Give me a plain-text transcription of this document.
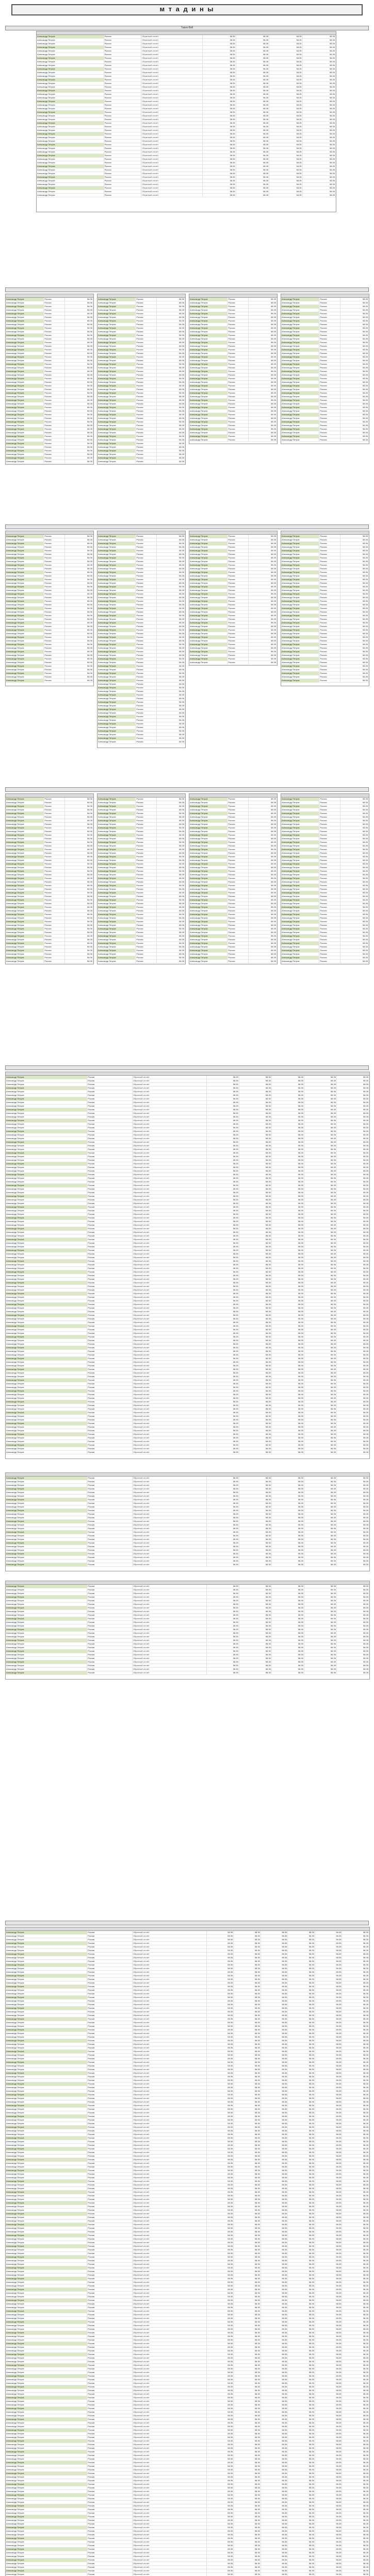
м т а д и н ы
Tавно Bell
Александр Петров	Россия	Обратный отсчёт	58.35	58.35	58.35	58.35
Александр Петров	Россия	Обратный отсчёт	58.35	58.35	58.35	58.35
Александр Петров	Россия	Обратный отсчёт	58.35	58.35	58.35	58.35
Александр Петров	Россия	Обратный отсчёт	58.35	58.35	58.35	58.35
Александр Петров	Россия	Обратный отсчёт	58.35	58.35	58.35	58.35
Александр Петров	Россия	Обратный отсчёт	58.35	58.35	58.35	58.35
Александр Петров	Россия	Обратный отсчёт	58.35	58.35	58.35	58.35
Александр Петров	Россия	Обратный отсчёт	58.35	58.35	58.35	58.35
Александр Петров	Россия	Обратный отсчёт	58.35	58.35	58.35	58.35
Александр Петров	Россия	Обратный отсчёт	58.35	58.35	58.35	58.35
Александр Петров	Россия	Обратный отсчёт	58.35	58.35	58.35	58.35
Александр Петров	Россия	Обратный отсчёт	58.35	58.35	58.35	58.35
Александр Петров	Россия	Обратный отсчёт	58.35	58.35	58.35	58.35
Александр Петров	Россия	Обратный отсчёт	58.35	58.35	58.35	58.35
Александр Петров	Россия	Обратный отсчёт	58.35	58.35	58.35	58.35
Александр Петров	Россия	Обратный отсчёт	58.35	58.35	58.35	58.35
Александр Петров	Россия	Обратный отсчёт	58.35	58.35	58.35	58.35
Александр Петров	Россия	Обратный отсчёт	58.35	58.35	58.35	58.35
Александр Петров	Россия	Обратный отсчёт	58.35	58.35	58.35	58.35
Александр Петров	Россия	Обратный отсчёт	58.35	58.35	58.35	58.35
Александр Петров	Россия	Обратный отсчёт	58.35	58.35	58.35	58.35
Александр Петров	Россия	Обратный отсчёт	58.35	58.35	58.35	58.35
Александр Петров	Россия	Обратный отсчёт	58.35	58.35	58.35	58.35
Александр Петров	Россия	Обратный отсчёт	58.35	58.35	58.35	58.35
Александр Петров	Россия	Обратный отсчёт	58.35	58.35	58.35	58.35
Александр Петров	Россия	Обратный отсчёт	58.35	58.35	58.35	58.35
Александр Петров	Россия	Обратный отсчёт	58.35	58.35	58.35	58.35
Александр Петров	Россия	Обратный отсчёт	58.35	58.35	58.35	58.35
Александр Петров	Россия	Обратный отсчёт	58.35	58.35	58.35	58.35
Александр Петров	Россия	Обратный отсчёт	58.35	58.35	58.35	58.35
Александр Петров	Россия	Обратный отсчёт	58.35	58.35	58.35	58.35
Александр Петров	Россия	Обратный отсчёт	58.35	58.35	58.35	58.35
Александр Петров	Россия	Обратный отсчёт	58.35	58.35	58.35	58.35
Александр Петров	Россия	Обратный отсчёт	58.35	58.35	58.35	58.35
Александр Петров	Россия	Обратный отсчёт	58.35	58.35	58.35	58.35
Александр Петров	Россия	Обратный отсчёт	58.35	58.35	58.35	58.35
Александр Петров	Россия	Обратный отсчёт	58.35	58.35	58.35	58.35
Александр Петров	Россия	Обратный отсчёт	58.35	58.35	58.35	58.35
Александр Петров	Россия	Обратный отсчёт	58.35	58.35	58.35	58.35
Александр Петров	Россия	Обратный отсчёт	58.35	58.35	58.35	58.35
Александр Петров	Россия	Обратный отсчёт	58.35	58.35	58.35	58.35
Александр Петров	Россия	Обратный отсчёт	58.35	58.35	58.35	58.35
Александр Петров	Россия	Обратный отсчёт	58.35	58.35	58.35	58.35
Александр Петров	Россия	Обратный отсчёт	58.35	58.35	58.35	58.35
Александр Петров	Россия	Обратный отсчёт	58.35	58.35	58.35	58.35
Александр Петров	Россия	58.35
Александр Петров	Россия	58.35
Александр Петров	Россия	58.35
Александр Петров	Россия	58.35
Александр Петров	Россия	58.35
Александр Петров	Россия	58.35
Александр Петров	Россия	58.35
Александр Петров	Россия	58.35
Александр Петров	Россия	58.35
Александр Петров	Россия	58.35
Александр Петров	Россия	58.35
Александр Петров	Россия	58.35
Александр Петров	Россия	58.35
Александр Петров	Россия	58.35
Александр Петров	Россия	58.35
Александр Петров	Россия	58.35
Александр Петров	Россия	58.35
Александр Петров	Россия	58.35
Александр Петров	Россия	58.35
Александр Петров	Россия	58.35
Александр Петров	Россия	58.35
Александр Петров	Россия	58.35
Александр Петров	Россия	58.35
Александр Петров	Россия	58.35
Александр Петров	Россия	58.35
Александр Петров	Россия	58.35
Александр Петров	Россия	58.35
Александр Петров	Россия	58.35
Александр Петров	Россия	58.35
Александр Петров	Россия	58.35
Александр Петров	Россия	58.35
Александр Петров	Россия	58.35
Александр Петров	Россия	58.35
Александр Петров	Россия	58.35
Александр Петров	Россия	58.35
Александр Петров	Россия	58.35
Александр Петров	Россия	58.35
Александр Петров	Россия	58.35
Александр Петров	Россия	58.35
Александр Петров	Россия	58.35
Александр Петров	Россия	58.35
Александр Петров	Россия	58.35
Александр Петров	Россия	58.35
Александр Петров	Россия	58.35
Александр Петров	Россия	58.35
Александр Петров	Россия	58.35
Александр Петров	Россия	58.35
Александр Петров	Россия	58.35
Александр Петров	Россия	58.35
Александр Петров	Россия	58.35
Александр Петров	Россия	58.35
Александр Петров	Россия	58.35
Александр Петров	Россия	58.35
Александр Петров	Россия	58.35
Александр Петров	Россия	58.35
Александр Петров	Россия	58.35
Александр Петров	Россия	58.35
Александр Петров	Россия	58.35
Александр Петров	Россия	58.35
Александр Петров	Россия	58.35
Александр Петров	Россия	58.35
Александр Петров	Россия	58.35
Александр Петров	Россия	58.35
Александр Петров	Россия	58.35
Александр Петров	Россия	58.35
Александр Петров	Россия	58.35
Александр Петров	Россия	58.35
Александр Петров	Россия	58.35
Александр Петров	Россия	58.35
Александр Петров	Россия	58.35
Александр Петров	Россия	58.35
Александр Петров	Россия	58.35
Александр Петров	Россия	58.35
Александр Петров	Россия	58.35
Александр Петров	Россия	58.35
Александр Петров	Россия	58.35
Александр Петров	Россия	58.35
Александр Петров	Россия	58.35
Александр Петров	Россия	58.35
Александр Петров	Россия	58.35
Александр Петров	Россия	58.35
Александр Петров	Россия	58.35
Александр Петров	Россия	58.35
Александр Петров	Россия	58.35
Александр Петров	Россия	58.35
Александр Петров	Россия	58.35
Александр Петров	Россия	58.35
Александр Петров	Россия	58.35
Александр Петров	Россия	58.35
Александр Петров	Россия	58.35
Александр Петров	Россия	58.35
Александр Петров	Россия	58.35
Александр Петров	Россия	58.35
Александр Петров	Россия	58.35
Александр Петров	Россия	58.35
Александр Петров	Россия	58.35
Александр Петров	Россия	58.35
Александр Петров	Россия	58.35
Александр Петров	Россия	58.35
Александр Петров	Россия	58.35
Александр Петров	Россия	58.35
Александр Петров	Россия	58.35
Александр Петров	Россия	58.35
Александр Петров	Россия	58.35
Александр Петров	Россия	58.35
Александр Петров	Россия	58.35
Александр Петров	Россия	58.35
Александр Петров	Россия	58.35
Александр Петров	Россия	58.35
Александр Петров	Россия	58.35
Александр Петров	Россия	58.35
Александр Петров	Россия	58.35
Александр Петров	Россия	58.35
Александр Петров	Россия	58.35
Александр Петров	Россия	58.35
Александр Петров	Россия	58.35
Александр Петров	Россия	58.35
Александр Петров	Россия	58.35
Александр Петров	Россия	58.35
Александр Петров	Россия	58.35
Александр Петров	Россия	58.35
Александр Петров	Россия	58.35
Александр Петров	Россия	58.35
Александр Петров	Россия	58.35
Александр Петров	Россия	58.35
Александр Петров	Россия	58.35
Александр Петров	Россия	58.35
Александр Петров	Россия	58.35
Александр Петров	Россия	58.35
Александр Петров	Россия	58.35
Александр Петров	Россия	58.35
Александр Петров	Россия	58.35
Александр Петров	Россия	58.35
Александр Петров	Россия	58.35
Александр Петров	Россия	58.35
Александр Петров	Россия	58.35
Александр Петров	Россия	58.35
Александр Петров	Россия	58.35
Александр Петров	Россия	58.35
Александр Петров	Россия	58.35
Александр Петров	Россия	58.35
Александр Петров	Россия	58.35
Александр Петров	Россия	58.35
Александр Петров	Россия	58.35
Александр Петров	Россия	58.35
Александр Петров	Россия	58.35
Александр Петров	Россия	58.35
Александр Петров	Россия	58.35
Александр Петров	Россия	58.35
Александр Петров	Россия	58.35
Александр Петров	Россия	58.35
Александр Петров	Россия	58.35
Александр Петров	Россия	58.35
Александр Петров	Россия	58.35
Александр Петров	Россия	58.35
Александр Петров	Россия	58.35
Александр Петров	Россия	58.35
Александр Петров	Россия	58.35
Александр Петров	Россия	58.35
Александр Петров	Россия	58.35
Александр Петров	Россия	58.35
Александр Петров	Россия	58.35
Александр Петров	Россия	58.35
Александр Петров	Россия	58.35
Александр Петров	Россия	58.35
Александр Петров	Россия	58.35
Александр Петров	Россия	58.35
Александр Петров	Россия	58.35
Александр Петров	Россия	58.35
Александр Петров	Россия	58.35
Александр Петров	Россия	58.35
Александр Петров	Россия	58.35
Александр Петров	Россия	58.35
Александр Петров	Россия	58.35
Александр Петров	Россия	58.35
Александр Петров	Россия	58.35
Александр Петров	Россия	58.35
Александр Петров	Россия	58.35
Александр Петров	Россия	58.35
Александр Петров	Россия	58.35
Александр Петров	Россия	58.35
Александр Петров	Россия	58.35
Александр Петров	Россия	58.35
Александр Петров	Россия	58.35
Александр Петров	Россия	58.35
Александр Петров	Россия	58.35
Александр Петров	Россия	58.35
Александр Петров	Россия	58.35
Александр Петров	Россия	58.35
Александр Петров	Россия	58.35
Александр Петров	Россия	58.35
Александр Петров	Россия	58.35
Александр Петров	Россия	58.35
Александр Петров	Россия	58.35
Александр Петров	Россия	58.35
Александр Петров	Россия	58.35
Александр Петров	Россия	58.35
Александр Петров	Россия	58.35
Александр Петров	Россия	58.35
Александр Петров	Россия	58.35
Александр Петров	Россия	58.35
Александр Петров	Россия	58.35
Александр Петров	Россия	58.35
Александр Петров	Россия	58.35
Александр Петров	Россия	58.35
Александр Петров	Россия	58.35
Александр Петров	Россия	58.35
Александр Петров	Россия	58.35
Александр Петров	Россия	58.35
Александр Петров	Россия	58.35
Александр Петров	Россия	58.35
Александр Петров	Россия	58.35
Александр Петров	Россия	58.35
Александр Петров	Россия	58.35
Александр Петров	Россия	58.35
Александр Петров	Россия	58.35
Александр Петров	Россия	58.35
Александр Петров	Россия	58.35
Александр Петров	Россия	58.35
Александр Петров	Россия	58.35
Александр Петров	Россия	58.35
Александр Петров	Россия	58.35
Александр Петров	Россия	58.35
Александр Петров	Россия	58.35
Александр Петров	Россия	58.35
Александр Петров	Россия	58.35
Александр Петров	Россия	58.35
Александр Петров	Россия	58.35
Александр Петров	Россия	58.35
Александр Петров	Россия	58.35
Александр Петров	Россия	58.35
Александр Петров	Россия	58.35
Александр Петров	Россия	58.35
Александр Петров	Россия	58.35
Александр Петров	Россия	58.35
Александр Петров	Россия	58.35
Александр Петров	Россия	58.35
Александр Петров	Россия	58.35
Александр Петров	Россия	58.35
Александр Петров	Россия	58.35
Александр Петров	Россия	58.35
Александр Петров	Россия	58.35
Александр Петров	Россия	58.35
Александр Петров	Россия	58.35
Александр Петров	Россия	58.35
Александр Петров	Россия	58.35
Александр Петров	Россия	58.35
Александр Петров	Россия	58.35
Александр Петров	Россия	58.35
Александр Петров	Россия	58.35
Александр Петров	Россия	58.35
Александр Петров	Россия	58.35
Александр Петров	Россия	58.35
Александр Петров	Россия	58.35
Александр Петров	Россия	58.35
Александр Петров	Россия	58.35
Александр Петров	Россия	58.35
Александр Петров	Россия	58.35
Александр Петров	Россия	58.35
Александр Петров	Россия	58.35
Александр Петров	Россия	58.35
Александр Петров	Россия	58.35
Александр Петров	Россия	58.35
Александр Петров	Россия	58.35
Александр Петров	Россия	58.35
Александр Петров	Россия	58.35
Александр Петров	Россия	58.35
Александр Петров	Россия	58.35
Александр Петров	Россия	58.35
Александр Петров	Россия	58.35
Александр Петров	Россия	58.35
Александр Петров	Россия	58.35
Александр Петров	Россия	58.35
Александр Петров	Россия	58.35
Александр Петров	Россия	58.35
Александр Петров	Россия	58.35
Александр Петров	Россия	58.35
Александр Петров	Россия	58.35
Александр Петров	Россия	58.35
Александр Петров	Россия	58.35
Александр Петров	Россия	58.35
Александр Петров	Россия	58.35
Александр Петров	Россия	58.35
Александр Петров	Россия	58.35
Александр Петров	Россия	58.35
Александр Петров	Россия	58.35
Александр Петров	Россия	58.35
Александр Петров	Россия	58.35
Александр Петров	Россия	58.35
Александр Петров	Россия	58.35
Александр Петров	Россия	58.35
Александр Петров	Россия	58.35
Александр Петров	Россия	58.35
Александр Петров	Россия	58.35
Александр Петров	Россия	58.35
Александр Петров	Россия	58.35
Александр Петров	Россия	58.35
Александр Петров	Россия	58.35
Александр Петров	Россия	58.35
Александр Петров	Россия	58.35
Александр Петров	Россия	58.35
Александр Петров	Россия	58.35
Александр Петров	Россия	58.35
Александр Петров	Россия	58.35
Александр Петров	Россия	58.35
Александр Петров	Россия	58.35
Александр Петров	Россия	58.35
Александр Петров	Россия	58.35
Александр Петров	Россия	58.35
Александр Петров	Россия	58.35
Александр Петров	Россия	58.35
Александр Петров	Россия	58.35
Александр Петров	Россия	58.35
Александр Петров	Россия	58.35
Александр Петров	Россия	58.35
Александр Петров	Россия	58.35
Александр Петров	Россия	58.35
Александр Петров	Россия	58.35
Александр Петров	Россия	58.35
Александр Петров	Россия	58.35
Александр Петров	Россия	58.35
Александр Петров	Россия	58.35
Александр Петров	Россия	58.35
Александр Петров	Россия	58.35
Александр Петров	Россия	58.35
Александр Петров	Россия	58.35
Александр Петров	Россия	58.35
Александр Петров	Россия	58.35
Александр Петров	Россия	58.35
Александр Петров	Россия	58.35
Александр Петров	Россия	58.35
Александр Петров	Россия	58.35
Александр Петров	Россия	58.35
Александр Петров	Россия	58.35
Александр Петров	Россия	58.35
Александр Петров	Россия	58.35
Александр Петров	Россия	58.35
Александр Петров	Россия	58.35
Александр Петров	Россия	58.35
Александр Петров	Россия	58.35
Александр Петров	Россия	58.35
Александр Петров	Россия	58.35
Александр Петров	Россия	58.35
Александр Петров	Россия	58.35
Александр Петров	Россия	58.35
Александр Петров	Россия	58.35
Александр Петров	Россия	58.35
Александр Петров	Россия	58.35
Александр Петров	Россия	58.35
Александр Петров	Россия	58.35
Александр Петров	Россия	58.35
Александр Петров	Россия	58.35
Александр Петров	Россия	58.35
Александр Петров	Россия	58.35
Александр Петров	Россия	58.35
Александр Петров	Россия	58.35
Александр Петров	Россия	58.35
Александр Петров	Россия	58.35
Александр Петров	Россия	58.35
Александр Петров	Россия	58.35
Александр Петров	Россия	58.35
Александр Петров	Россия	58.35
Александр Петров	Россия	58.35
Александр Петров	Россия	58.35
Александр Петров	Россия	58.35
Александр Петров	Россия	58.35
Александр Петров	Россия	58.35
Александр Петров	Россия	58.35
Александр Петров	Россия	58.35
Александр Петров	Россия	58.35
Александр Петров	Россия	58.35
Александр Петров	Россия	58.35
Александр Петров	Россия	58.35
Александр Петров	Россия	58.35
Александр Петров	Россия	58.35
Александр Петров	Россия	58.35
Александр Петров	Россия	58.35
Александр Петров	Россия	58.35
Александр Петров	Россия	58.35
Александр Петров	Россия	58.35
Александр Петров	Россия	58.35
Александр Петров	Россия	58.35
Александр Петров	Россия	58.35
Александр Петров	Россия	58.35
Александр Петров	Россия	58.35
Александр Петров	Россия	58.35
Александр Петров	Россия	58.35
Александр Петров	Россия	58.35
Александр Петров	Россия	58.35
Александр Петров	Россия	58.35
Александр Петров	Россия	58.35
Александр Петров	Россия	58.35
Александр Петров	Россия	58.35
Александр Петров	Россия	58.35
Александр Петров	Россия	58.35
Александр Петров	Россия	58.35
Александр Петров	Россия	58.35
Александр Петров	Россия	58.35
Александр Петров	Россия	58.35
Александр Петров	Россия	58.35
Александр Петров	Россия	58.35
Александр Петров	Россия	58.35
Александр Петров	Россия	58.35
Александр Петров	Россия	58.35
Александр Петров	Россия	58.35
Александр Петров	Россия	58.35
Александр Петров	Россия	58.35
Александр Петров	Россия	58.35
Александр Петров	Россия	58.35
Александр Петров	Россия	58.35
Александр Петров	Россия	58.35
Александр Петров	Россия	58.35
Александр Петров	Россия	58.35
Александр Петров	Россия	58.35
Александр Петров	Россия	58.35
Александр Петров	Россия	58.35
Александр Петров	Россия	58.35
Александр Петров	Россия	58.35
Александр Петров	Россия	58.35
Александр Петров	Россия	58.35
Александр Петров	Россия	58.35
Александр Петров	Россия	58.35
Александр Петров	Россия	58.35
Александр Петров	Россия	58.35
Александр Петров	Россия	58.35
Александр Петров	Россия	58.35
Александр Петров	Россия	58.35
Александр Петров	Россия	58.35
Александр Петров	Россия	58.35
Александр Петров	Россия	58.35
Александр Петров	Россия	58.35
Александр Петров	Россия	58.35
Александр Петров	Россия	58.35
Александр Петров	Россия	58.35
Александр Петров	Россия	58.35
Александр Петров	Россия	58.35
Александр Петров	Россия	58.35
Александр Петров	Россия	58.35
Александр Петров	Россия	58.35
Александр Петров	Россия	58.35
Александр Петров	Россия	58.35
Александр Петров	Россия	58.35
Александр Петров	Россия	58.35
Александр Петров	Россия	58.35
Александр Петров	Россия	58.35
Александр Петров	Россия	58.35
Александр Петров	Россия	58.35
Александр Петров	Россия	58.35
Александр Петров	Россия	58.35
Александр Петров	Россия	58.35
Александр Петров	Россия	58.35
Александр Петров	Россия	58.35
Александр Петров	Россия	58.35
Александр Петров	Россия	58.35
Александр Петров	Россия	58.35
Александр Петров	Россия	58.35
Александр Петров	Россия	58.35
Александр Петров	Россия	58.35
Александр Петров	Россия	58.35
Александр Петров	Россия	58.35
Александр Петров	Россия	58.35
Александр Петров	Россия	58.35
Александр Петров	Россия	58.35
Александр Петров	Россия	58.35
Александр Петров	Россия	58.35
Александр Петров	Россия	58.35
Александр Петров	Россия	58.35
Александр Петров	Россия	58.35
Александр Петров	Россия	58.35
Александр Петров	Россия	58.35
Александр Петров	Россия	58.35
Александр Петров	Россия	58.35
Александр Петров	Россия	58.35
Александр Петров	Россия	58.35
Александр Петров	Россия	58.35
Александр Петров	Россия	58.35
Александр Петров	Россия	58.35
Александр Петров	Россия	58.35
Александр Петров	Россия	58.35
Александр Петров	Россия	58.35
Александр Петров	Россия	58.35
Александр Петров	Россия	58.35
Александр Петров	Россия	58.35
Александр Петров	Россия	58.35
Александр Петров	Россия	58.35
Александр Петров	Россия	58.35
Александр Петров	Россия	58.35
Александр Петров	Россия	58.35
Александр Петров	Россия	58.35
Александр Петров	Россия	58.35
Александр Петров	Россия	58.35
Александр Петров	Россия	58.35
Александр Петров	Россия	58.35
Александр Петров	Россия	58.35
Александр Петров	Россия	58.35
Александр Петров	Россия	58.35
Александр Петров	Россия	58.35
Александр Петров	Россия	58.35
Александр Петров	Россия	58.35
Александр Петров	Россия	58.35
Александр Петров	Россия	58.35
Александр Петров	Россия	58.35
Александр Петров	Россия	58.35
Александр Петров	Россия	58.35
Александр Петров	Россия	58.35
Александр Петров	Россия	58.35
Александр Петров	Россия	58.35
Александр Петров	Россия	58.35
Александр Петров	Россия	58.35
Александр Петров	Россия	58.35
Александр Петров	Россия	58.35
Александр Петров	Россия	58.35
Александр Петров	Россия	58.35
Александр Петров	Россия	58.35
Александр Петров	Россия	58.35
Александр Петров	Россия	58.35
Александр Петров	Россия	58.35
Александр Петров	Россия	58.35
Александр Петров	Россия	58.35
Александр Петров	Россия	58.35
Александр Петров	Россия	58.35
Александр Петров	Россия	58.35
Александр Петров	Россия	58.35
Александр Петров	Россия	58.35
Александр Петров	Россия	58.35
Александр Петров	Россия	58.35
Александр Петров	Россия	58.35
Александр Петров	Россия	58.35
Александр Петров	Россия	58.35
Александр Петров	Россия	58.35
Александр Петров	Россия	58.35
Александр Петров	Россия	58.35
Александр Петров	Россия	Обратный отсчёт	58.35	58.35	58.35	58.35	58.35
Александр Петров	Россия	Обратный отсчёт	58.35	58.35	58.35	58.35	58.35
Александр Петров	Россия	Обратный отсчёт	58.35	58.35	58.35	58.35	58.35
Александр Петров	Россия	Обратный отсчёт	58.35	58.35	58.35	58.35	58.35
Александр Петров	Россия	Обратный отсчёт	58.35	58.35	58.35	58.35	58.35
Александр Петров	Россия	Обратный отсчёт	58.35	58.35	58.35	58.35	58.35
Александр Петров	Россия	Обратный отсчёт	58.35	58.35	58.35	58.35	58.35
Александр Петров	Россия	Обратный отсчёт	58.35	58.35	58.35	58.35	58.35
Александр Петров	Россия	Обратный отсчёт	58.35	58.35	58.35	58.35	58.35
Александр Петров	Россия	Обратный отсчёт	58.35	58.35	58.35	58.35	58.35
Александр Петров	Россия	Обратный отсчёт	58.35	58.35	58.35	58.35	58.35
Александр Петров	Россия	Обратный отсчёт	58.35	58.35	58.35	58.35	58.35
Александр Петров	Россия	Обратный отсчёт	58.35	58.35	58.35	58.35	58.35
Александр Петров	Россия	Обратный отсчёт	58.35	58.35	58.35	58.35	58.35
Александр Петров	Россия	Обратный отсчёт	58.35	58.35	58.35	58.35	58.35
Александр Петров	Россия	Обратный отсчёт	58.35	58.35	58.35	58.35	58.35
Александр Петров	Россия	Обратный отсчёт	58.35	58.35	58.35	58.35	58.35
Александр Петров	Россия	Обратный отсчёт	58.35	58.35	58.35	58.35	58.35
Александр Петров	Россия	Обратный отсчёт	58.35	58.35	58.35	58.35	58.35
Александр Петров	Россия	Обратный отсчёт	58.35	58.35	58.35	58.35	58.35
Александр Петров	Россия	Обратный отсчёт	58.35	58.35	58.35	58.35	58.35
Александр Петров	Россия	Обратный отсчёт	58.35	58.35	58.35	58.35	58.35
Александр Петров	Россия	Обратный отсчёт	58.35	58.35	58.35	58.35	58.35
Александр Петров	Россия	Обратный отсчёт	58.35	58.35	58.35	58.35	58.35
Александр Петров	Россия	Обратный отсчёт	58.35	58.35	58.35	58.35	58.35
Александр Петров	Россия	Обратный отсчёт	58.35	58.35	58.35	58.35	58.35
Александр Петров	Россия	Обратный отсчёт	58.35	58.35	58.35	58.35	58.35
Александр Петров	Россия	Обратный отсчёт	58.35	58.35	58.35	58.35	58.35
Александр Петров	Россия	Обратный отсчёт	58.35	58.35	58.35	58.35	58.35
Александр Петров	Россия	Обратный отсчёт	58.35	58.35	58.35	58.35	58.35
Александр Петров	Россия	Обратный отсчёт	58.35	58.35	58.35	58.35	58.35
Александр Петров	Россия	Обратный отсчёт	58.35	58.35	58.35	58.35	58.35
Александр Петров	Россия	Обратный отсчёт	58.35	58.35	58.35	58.35	58.35
Александр Петров	Россия	Обратный отсчёт	58.35	58.35	58.35	58.35	58.35
Александр Петров	Россия	Обратный отсчёт	58.35	58.35	58.35	58.35	58.35
Александр Петров	Россия	Обратный отсчёт	58.35	58.35	58.35	58.35	58.35
Александр Петров	Россия	Обратный отсчёт	58.35	58.35	58.35	58.35	58.35
Александр Петров	Россия	Обратный отсчёт	58.35	58.35	58.35	58.35	58.35
Александр Петров	Россия	Обратный отсчёт	58.35	58.35	58.35	58.35	58.35
Александр Петров	Россия	Обратный отсчёт	58.35	58.35	58.35	58.35	58.35
Александр Петров	Россия	Обратный отсчёт	58.35	58.35	58.35	58.35	58.35
Александр Петров	Россия	Обратный отсчёт	58.35	58.35	58.35	58.35	58.35
Александр Петров	Россия	Обратный отсчёт	58.35	58.35	58.35	58.35	58.35
Александр Петров	Россия	Обратный отсчёт	58.35	58.35	58.35	58.35	58.35
Александр Петров	Россия	Обратный отсчёт	58.35	58.35	58.35	58.35	58.35
Александр Петров	Россия	Обратный отсчёт	58.35	58.35	58.35	58.35	58.35
Александр Петров	Россия	Обратный отсчёт	58.35	58.35	58.35	58.35	58.35
Александр Петров	Россия	Обратный отсчёт	58.35	58.35	58.35	58.35	58.35
Александр Петров	Россия	Обратный отсчёт	58.35	58.35	58.35	58.35	58.35
Александр Петров	Россия	Обратный отсчёт	58.35	58.35	58.35	58.35	58.35
Александр Петров	Россия	Обратный отсчёт	58.35	58.35	58.35	58.35	58.35
Александр Петров	Россия	Обратный отсчёт	58.35	58.35	58.35	58.35	58.35
Александр Петров	Россия	Обратный отсчёт	58.35	58.35	58.35	58.35	58.35
Александр Петров	Россия	Обратный отсчёт	58.35	58.35	58.35	58.35	58.35
Александр Петров	Россия	Обратный отсчёт	58.35	58.35	58.35	58.35	58.35
Александр Петров	Россия	Обратный отсчёт	58.35	58.35	58.35	58.35	58.35
Александр Петров	Россия	Обратный отсчёт	58.35	58.35	58.35	58.35	58.35
Александр Петров	Россия	Обратный отсчёт	58.35	58.35	58.35	58.35	58.35
Александр Петров	Россия	Обратный отсчёт	58.35	58.35	58.35	58.35	58.35
Александр Петров	Россия	Обратный отсчёт	58.35	58.35	58.35	58.35	58.35
Александр Петров	Россия	Обратный отсчёт	58.35	58.35	58.35	58.35	58.35
Александр Петров	Россия	Обратный отсчёт	58.35	58.35	58.35	58.35	58.35
Александр Петров	Россия	Обратный отсчёт	58.35	58.35	58.35	58.35	58.35
Александр Петров	Россия	Обратный отсчёт	58.35	58.35	58.35	58.35	58.35
Александр Петров	Россия	Обратный отсчёт	58.35	58.35	58.35	58.35	58.35
Александр Петров	Россия	Обратный отсчёт	58.35	58.35	58.35	58.35	58.35
Александр Петров	Россия	Обратный отсчёт	58.35	58.35	58.35	58.35	58.35
Александр Петров	Россия	Обратный отсчёт	58.35	58.35	58.35	58.35	58.35
Александр Петров	Россия	Обратный отсчёт	58.35	58.35	58.35	58.35	58.35
Александр Петров	Россия	Обратный отсчёт	58.35	58.35	58.35	58.35	58.35
Александр Петров	Россия	Обратный отсчёт	58.35	58.35	58.35	58.35	58.35
Александр Петров	Россия	Обратный отсчёт	58.35	58.35	58.35	58.35	58.35
Александр Петров	Россия	Обратный отсчёт	58.35	58.35	58.35	58.35	58.35
Александр Петров	Россия	Обратный отсчёт	58.35	58.35	58.35	58.35	58.35
Александр Петров	Россия	Обратный отсчёт	58.35	58.35	58.35	58.35	58.35
Александр Петров	Россия	Обратный отсчёт	58.35	58.35	58.35	58.35	58.35
Александр Петров	Россия	Обратный отсчёт	58.35	58.35	58.35	58.35	58.35
Александр Петров	Россия	Обратный отсчёт	58.35	58.35	58.35	58.35	58.35
Александр Петров	Россия	Обратный отсчёт	58.35	58.35	58.35	58.35	58.35
Александр Петров	Россия	Обратный отсчёт	58.35	58.35	58.35	58.35	58.35
Александр Петров	Россия	Обратный отсчёт	58.35	58.35	58.35	58.35	58.35
Александр Петров	Россия	Обратный отсчёт	58.35	58.35	58.35	58.35	58.35
Александр Петров	Россия	Обратный отсчёт	58.35	58.35	58.35	58.35	58.35
Александр Петров	Россия	Обратный отсчёт	58.35	58.35	58.35	58.35	58.35
Александр Петров	Россия	Обратный отсчёт	58.35	58.35	58.35	58.35	58.35
Александр Петров	Россия	Обратный отсчёт	58.35	58.35	58.35	58.35	58.35
Александр Петров	Россия	Обратный отсчёт	58.35	58.35	58.35	58.35	58.35
Александр Петров	Россия	Обратный отсчёт	58.35	58.35	58.35	58.35	58.35
Александр Петров	Россия	Обратный отсчёт	58.35	58.35	58.35	58.35	58.35
Александр Петров	Россия	Обратный отсчёт	58.35	58.35	58.35	58.35	58.35
Александр Петров	Россия	Обратный отсчёт	58.35	58.35	58.35	58.35	58.35
Александр Петров	Россия	Обратный отсчёт	58.35	58.35	58.35	58.35	58.35
Александр Петров	Россия	Обратный отсчёт	58.35	58.35	58.35	58.35	58.35
Александр Петров	Россия	Обратный отсчёт	58.35	58.35	58.35	58.35	58.35
Александр Петров	Россия	Обратный отсчёт	58.35	58.35	58.35	58.35	58.35
Александр Петров	Россия	Обратный отсчёт	58.35	58.35	58.35	58.35	58.35
Александр Петров	Россия	Обратный отсчёт	58.35	58.35	58.35	58.35	58.35
Александр Петров	Россия	Обратный отсчёт	58.35	58.35	58.35	58.35	58.35
Александр Петров	Россия	Обратный отсчёт	58.35	58.35	58.35	58.35	58.35
Александр Петров	Россия	Обратный отсчёт	58.35	58.35	58.35	58.35	58.35
Александр Петров	Россия	Обратный отсчёт	58.35	58.35	58.35	58.35	58.35
Александр Петров	Россия	Обратный отсчёт	58.35	58.35	58.35	58.35	58.35
Александр Петров	Россия	Обратный отсчёт	58.35	58.35	58.35	58.35	58.35
Александр Петров	Россия	Обратный отсчёт	58.35	58.35	58.35	58.35	58.35
Александр Петров	Россия	Обратный отсчёт	58.35	58.35	58.35	58.35	58.35
Александр Петров	Россия	Обратный отсчёт	58.35	58.35	58.35	58.35	58.35
Александр Петров	Россия	Обратный отсчёт	58.35	58.35	58.35	58.35	58.35
Александр Петров	Россия	Обратный отсчёт	58.35	58.35	58.35	58.35	58.35
Александр Петров	Россия	Обратный отсчёт	58.35	58.35	58.35	58.35	58.35
Александр Петров	Россия	Обратный отсчёт	58.35	58.35	58.35	58.35	58.35
Александр Петров	Россия	Обратный отсчёт	58.35	58.35	58.35	58.35	58.35
Александр Петров	Россия	Обратный отсчёт	58.35	58.35	58.35	58.35	58.35
Александр Петров	Россия	Обратный отсчёт	58.35	58.35	58.35	58.35	58.35
Александр Петров	Россия	Обратный отсчёт	58.35	58.35	58.35	58.35	58.35
Александр Петров	Россия	Обратный отсчёт	58.35	58.35	58.35	58.35	58.35
Александр Петров	Россия	Обратный отсчёт	58.35	58.35	58.35	58.35	58.35
Александр Петров	Россия	Обратный отсчёт	58.35	58.35	58.35	58.35	58.35
Александр Петров	Россия	Обратный отсчёт	58.35	58.35	58.35	58.35	58.35
Александр Петров	Россия	Обратный отсчёт	58.35	58.35	58.35	58.35	58.35
Александр Петров	Россия	Обратный отсчёт	58.35	58.35	58.35	58.35	58.35
Александр Петров	Россия	Обратный отсчёт	58.35	58.35	58.35	58.35	58.35
Александр Петров	Россия	Обратный отсчёт	58.35	58.35	58.35	58.35	58.35
Александр Петров	Россия	Обратный отсчёт	58.35	58.35	58.35	58.35	58.35
Александр Петров	Россия	Обратный отсчёт	58.35	58.35	58.35	58.35	58.35
Александр Петров	Россия	Обратный отсчёт	58.35	58.35	58.35	58.35	58.35
Александр Петров	Россия	Обратный отсчёт	58.35	58.35	58.35	58.35	58.35
Александр Петров	Россия	Обратный отсчёт	58.35	58.35	58.35	58.35	58.35
Александр Петров	Россия	Обратный отсчёт	58.35	58.35	58.35	58.35	58.35
Александр Петров	Россия	Обратный отсчёт	58.35	58.35	58.35	58.35	58.35
Александр Петров	Россия	Обратный отсчёт	58.35	58.35	58.35	58.35	58.35
Александр Петров	Россия	Обратный отсчёт	58.35	58.35	58.35	58.35	58.35
Александр Петров	Россия	Обратный отсчёт	58.35	58.35	58.35	58.35	58.35
Александр Петров	Россия	Обратный отсчёт	58.35	58.35	58.35	58.35	58.35
Александр Петров	Россия	Обратный отсчёт	58.35	58.35	58.35	58.35	58.35
Александр Петров	Россия	Обратный отсчёт	58.35	58.35	58.35	58.35	58.35
Александр Петров	Россия	Обратный отсчёт	58.35	58.35	58.35	58.35	58.35
Александр Петров	Россия	Обратный отсчёт	58.35	58.35	58.35	58.35	58.35
Александр Петров	Россия	Обратный отсчёт	58.35	58.35	58.35	58.35	58.35
Александр Петров	Россия	Обратный отсчёт	58.35	58.35	58.35	58.35	58.35
Александр Петров	Россия	Обратный отсчёт	58.35	58.35	58.35	58.35	58.35
Александр Петров	Россия	Обратный отсчёт	58.35	58.35	58.35	58.35	58.35
Александр Петров	Россия	Обратный отсчёт	58.35	58.35	58.35	58.35	58.35
Александр Петров	Россия	Обратный отсчёт	58.35	58.35	58.35	58.35	58.35
Александр Петров	Россия	Обратный отсчёт	58.35	58.35	58.35	58.35	58.35
Александр Петров	Россия	Обратный отсчёт	58.35	58.35	58.35	58.35	58.35
Александр Петров	Россия	Обратный отсчёт	58.35	58.35	58.35	58.35	58.35
Александр Петров	Россия	Обратный отсчёт	58.35	58.35	58.35	58.35	58.35
Александр Петров	Россия	Обратный отсчёт	58.35	58.35	58.35	58.35	58.35
Александр Петров	Россия	Обратный отсчёт	58.35	58.35	58.35	58.35	58.35
Александр Петров	Россия	Обратный отсчёт	58.35	58.35	58.35	58.35	58.35
Александр Петров	Россия	Обратный отсчёт	58.35	58.35	58.35	58.35	58.35
Александр Петров	Россия	Обратный отсчёт	58.35	58.35	58.35	58.35	58.35
Александр Петров	Россия	Обратный отсчёт	58.35	58.35	58.35	58.35	58.35
Александр Петров	Россия	Обратный отсчёт	58.35	58.35	58.35	58.35	58.35
Александр Петров	Россия	Обратный отсчёт	58.35	58.35	58.35	58.35	58.35
Александр Петров	Россия	Обратный отсчёт	58.35	58.35	58.35	58.35	58.35	58.35
Александр Петров	Россия	Обратный отсчёт	58.35	58.35	58.35	58.35	58.35	58.35
Александр Петров	Россия	Обратный отсчёт	58.35	58.35	58.35	58.35	58.35	58.35
Александр Петров	Россия	Обратный отсчёт	58.35	58.35	58.35	58.35	58.35	58.35
Александр Петров	Россия	Обратный отсчёт	58.35	58.35	58.35	58.35	58.35	58.35
Александр Петров	Россия	Обратный отсчёт	58.35	58.35	58.35	58.35	58.35	58.35
Александр Петров	Россия	Обратный отсчёт	58.35	58.35	58.35	58.35	58.35	58.35
Александр Петров	Россия	Обратный отсчёт	58.35	58.35	58.35	58.35	58.35	58.35
Александр Петров	Россия	Обратный отсчёт	58.35	58.35	58.35	58.35	58.35	58.35
Александр Петров	Россия	Обратный отсчёт	58.35	58.35	58.35	58.35	58.35	58.35
Александр Петров	Россия	Обратный отсчёт	58.35	58.35	58.35	58.35	58.35	58.35
Александр Петров	Россия	Обратный отсчёт	58.35	58.35	58.35	58.35	58.35	58.35
Александр Петров	Россия	Обратный отсчёт	58.35	58.35	58.35	58.35	58.35	58.35
Александр Петров	Россия	Обратный отсчёт	58.35	58.35	58.35	58.35	58.35	58.35
Александр Петров	Россия	Обратный отсчёт	58.35	58.35	58.35	58.35	58.35	58.35
Александр Петров	Россия	Обратный отсчёт	58.35	58.35	58.35	58.35	58.35	58.35
Александр Петров	Россия	Обратный отсчёт	58.35	58.35	58.35	58.35	58.35	58.35
Александр Петров	Россия	Обратный отсчёт	58.35	58.35	58.35	58.35	58.35	58.35
Александр Петров	Россия	Обратный отсчёт	58.35	58.35	58.35	58.35	58.35	58.35
Александр Петров	Россия	Обратный отсчёт	58.35	58.35	58.35	58.35	58.35	58.35
Александр Петров	Россия	Обратный отсчёт	58.35	58.35	58.35	58.35	58.35	58.35
Александр Петров	Россия	Обратный отсчёт	58.35	58.35	58.35	58.35	58.35	58.35
Александр Петров	Россия	Обратный отсчёт	58.35	58.35	58.35	58.35	58.35	58.35
Александр Петров	Россия	Обратный отсчёт	58.35	58.35	58.35	58.35	58.35	58.35
Александр Петров	Россия	Обратный отсчёт	58.35	58.35	58.35	58.35	58.35	58.35
Александр Петров	Россия	Обратный отсчёт	58.35	58.35	58.35	58.35	58.35	58.35
Александр Петров	Россия	Обратный отсчёт	58.35	58.35	58.35	58.35	58.35	58.35
Александр Петров	Россия	Обратный отсчёт	58.35	58.35	58.35	58.35	58.35	58.35
Александр Петров	Россия	Обратный отсчёт	58.35	58.35	58.35	58.35	58.35	58.35
Александр Петров	Россия	Обратный отсчёт	58.35	58.35	58.35	58.35	58.35	58.35
Александр Петров	Россия	Обратный отсчёт	58.35	58.35	58.35	58.35	58.35	58.35
Александр Петров	Россия	Обратный отсчёт	58.35	58.35	58.35	58.35	58.35	58.35
Александр Петров	Россия	Обратный отсчёт	58.35	58.35	58.35	58.35	58.35	58.35
Александр Петров	Россия	Обратный отсчёт	58.35	58.35	58.35	58.35	58.35	58.35
Александр Петров	Россия	Обратный отсчёт	58.35	58.35	58.35	58.35	58.35	58.35
Александр Петров	Россия	Обратный отсчёт	58.35	58.35	58.35	58.35	58.35	58.35
Александр Петров	Россия	Обратный отсчёт	58.35	58.35	58.35	58.35	58.35	58.35
Александр Петров	Россия	Обратный отсчёт	58.35	58.35	58.35	58.35	58.35	58.35
Александр Петров	Россия	Обратный отсчёт	58.35	58.35	58.35	58.35	58.35	58.35
Александр Петров	Россия	Обратный отсчёт	58.35	58.35	58.35	58.35	58.35	58.35
Александр Петров	Россия	Обратный отсчёт	58.35	58.35	58.35	58.35	58.35	58.35
Александр Петров	Россия	Обратный отсчёт	58.35	58.35	58.35	58.35	58.35	58.35
Александр Петров	Россия	Обратный отсчёт	58.35	58.35	58.35	58.35	58.35	58.35
Александр Петров	Россия	Обратный отсчёт	58.35	58.35	58.35	58.35	58.35	58.35
Александр Петров	Россия	Обратный отсчёт	58.35	58.35	58.35	58.35	58.35	58.35
Александр Петров	Россия	Обратный отсчёт	58.35	58.35	58.35	58.35	58.35	58.35
Александр Петров	Россия	Обратный отсчёт	58.35	58.35	58.35	58.35	58.35	58.35
Александр Петров	Россия	Обратный отсчёт	58.35	58.35	58.35	58.35	58.35	58.35
Александр Петров	Россия	Обратный отсчёт	58.35	58.35	58.35	58.35	58.35	58.35
Александр Петров	Россия	Обратный отсчёт	58.35	58.35	58.35	58.35	58.35	58.35
Александр Петров	Россия	Обратный отсчёт	58.35	58.35	58.35	58.35	58.35	58.35
Александр Петров	Россия	Обратный отсчёт	58.35	58.35	58.35	58.35	58.35	58.35
Александр Петров	Россия	Обратный отсчёт	58.35	58.35	58.35	58.35	58.35	58.35
Александр Петров	Россия	Обратный отсчёт	58.35	58.35	58.35	58.35	58.35	58.35
Александр Петров	Россия	Обратный отсчёт	58.35	58.35	58.35	58.35	58.35	58.35
Александр Петров	Россия	Обратный отсчёт	58.35	58.35	58.35	58.35	58.35	58.35
Александр Петров	Россия	Обратный отсчёт	58.35	58.35	58.35	58.35	58.35	58.35
Александр Петров	Россия	Обратный отсчёт	58.35	58.35	58.35	58.35	58.35	58.35
Александр Петров	Россия	Обратный отсчёт	58.35	58.35	58.35	58.35	58.35	58.35
Александр Петров	Россия	Обратный отсчёт	58.35	58.35	58.35	58.35	58.35	58.35
Александр Петров	Россия	Обратный отсчёт	58.35	58.35	58.35	58.35	58.35	58.35
Александр Петров	Россия	Обратный отсчёт	58.35	58.35	58.35	58.35	58.35	58.35
Александр Петров	Россия	Обратный отсчёт	58.35	58.35	58.35	58.35	58.35	58.35
Александр Петров	Россия	Обратный отсчёт	58.35	58.35	58.35	58.35	58.35	58.35
Александр Петров	Россия	Обратный отсчёт	58.35	58.35	58.35	58.35	58.35	58.35
Александр Петров	Россия	Обратный отсчёт	58.35	58.35	58.35	58.35	58.35	58.35
Александр Петров	Россия	Обратный отсчёт	58.35	58.35	58.35	58.35	58.35	58.35
Александр Петров	Россия	Обратный отсчёт	58.35	58.35	58.35	58.35	58.35	58.35
Александр Петров	Россия	Обратный отсчёт	58.35	58.35	58.35	58.35	58.35	58.35
Александр Петров	Россия	Обратный отсчёт	58.35	58.35	58.35	58.35	58.35	58.35
Александр Петров	Россия	Обратный отсчёт	58.35	58.35	58.35	58.35	58.35	58.35
Александр Петров	Россия	Обратный отсчёт	58.35	58.35	58.35	58.35	58.35	58.35
Александр Петров	Россия	Обратный отсчёт	58.35	58.35	58.35	58.35	58.35	58.35
Александр Петров	Россия	Обратный отсчёт	58.35	58.35	58.35	58.35	58.35	58.35
Александр Петров	Россия	Обратный отсчёт	58.35	58.35	58.35	58.35	58.35	58.35
Александр Петров	Россия	Обратный отсчёт	58.35	58.35	58.35	58.35	58.35	58.35
Александр Петров	Россия	Обратный отсчёт	58.35	58.35	58.35	58.35	58.35	58.35
Александр Петров	Россия	Обратный отсчёт	58.35	58.35	58.35	58.35	58.35	58.35
Александр Петров	Россия	Обратный отсчёт	58.35	58.35	58.35	58.35	58.35	58.35
Александр Петров	Россия	Обратный отсчёт	58.35	58.35	58.35	58.35	58.35	58.35
Александр Петров	Россия	Обратный отсчёт	58.35	58.35	58.35	58.35	58.35	58.35
Александр Петров	Россия	Обратный отсчёт	58.35	58.35	58.35	58.35	58.35	58.35
Александр Петров	Россия	Обратный отсчёт	58.35	58.35	58.35	58.35	58.35	58.35
Александр Петров	Россия	Обратный отсчёт	58.35	58.35	58.35	58.35	58.35	58.35
Александр Петров	Россия	Обратный отсчёт	58.35	58.35	58.35	58.35	58.35	58.35
Александр Петров	Россия	Обратный отсчёт	58.35	58.35	58.35	58.35	58.35	58.35
Александр Петров	Россия	Обратный отсчёт	58.35	58.35	58.35	58.35	58.35	58.35
Александр Петров	Россия	Обратный отсчёт	58.35	58.35	58.35	58.35	58.35	58.35
Александр Петров	Россия	Обратный отсчёт	58.35	58.35	58.35	58.35	58.35	58.35
Александр Петров	Россия	Обратный отсчёт	58.35	58.35	58.35	58.35	58.35	58.35
Александр Петров	Россия	Обратный отсчёт	58.35	58.35	58.35	58.35	58.35	58.35
Александр Петров	Россия	Обратный отсчёт	58.35	58.35	58.35	58.35	58.35	58.35
Александр Петров	Россия	Обратный отсчёт	58.35	58.35	58.35	58.35	58.35	58.35
Александр Петров	Россия	Обратный отсчёт	58.35	58.35	58.35	58.35	58.35	58.35
Александр Петров	Россия	Обратный отсчёт	58.35	58.35	58.35	58.35	58.35	58.35
Александр Петров	Россия	Обратный отсчёт	58.35	58.35	58.35	58.35	58.35	58.35
Александр Петров	Россия	Обратный отсчёт	58.35	58.35	58.35	58.35	58.35	58.35
Александр Петров	Россия	Обратный отсчёт	58.35	58.35	58.35	58.35	58.35	58.35
Александр Петров	Россия	Обратный отсчёт	58.35	58.35	58.35	58.35	58.35	58.35
Александр Петров	Россия	Обратный отсчёт	58.35	58.35	58.35	58.35	58.35	58.35
Александр Петров	Россия	Обратный отсчёт	58.35	58.35	58.35	58.35	58.35	58.35
Александр Петров	Россия	Обратный отсчёт	58.35	58.35	58.35	58.35	58.35	58.35
Александр Петров	Россия	Обратный отсчёт	58.35	58.35	58.35	58.35	58.35	58.35
Александр Петров	Россия	Обратный отсчёт	58.35	58.35	58.35	58.35	58.35	58.35
Александр Петров	Россия	Обратный отсчёт	58.35	58.35	58.35	58.35	58.35	58.35
Александр Петров	Россия	Обратный отсчёт	58.35	58.35	58.35	58.35	58.35	58.35
Александр Петров	Россия	Обратный отсчёт	58.35	58.35	58.35	58.35	58.35	58.35
Александр Петров	Россия	Обратный отсчёт	58.35	58.35	58.35	58.35	58.35	58.35
Александр Петров	Россия	Обратный отсчёт	58.35	58.35	58.35	58.35	58.35	58.35
Александр Петров	Россия	Обратный отсчёт	58.35	58.35	58.35	58.35	58.35	58.35
Александр Петров	Россия	Обратный отсчёт	58.35	58.35	58.35	58.35	58.35	58.35
Александр Петров	Россия	Обратный отсчёт	58.35	58.35	58.35	58.35	58.35	58.35
Александр Петров	Россия	Обратный отсчёт	58.35	58.35	58.35	58.35	58.35	58.35
Александр Петров	Россия	Обратный отсчёт	58.35	58.35	58.35	58.35	58.35	58.35
Александр Петров	Россия	Обратный отсчёт	58.35	58.35	58.35	58.35	58.35	58.35
Александр Петров	Россия	Обратный отсчёт	58.35	58.35	58.35	58.35	58.35	58.35
Александр Петров	Россия	Обратный отсчёт	58.35	58.35	58.35	58.35	58.35	58.35
Александр Петров	Россия	Обратный отсчёт	58.35	58.35	58.35	58.35	58.35	58.35
Александр Петров	Россия	Обратный отсчёт	58.35	58.35	58.35	58.35	58.35	58.35
Александр Петров	Россия	Обратный отсчёт	58.35	58.35	58.35	58.35	58.35	58.35
Александр Петров	Россия	Обратный отсчёт	58.35	58.35	58.35	58.35	58.35	58.35
Александр Петров	Россия	Обратный отсчёт	58.35	58.35	58.35	58.35	58.35	58.35
Александр Петров	Россия	Обратный отсчёт	58.35	58.35	58.35	58.35	58.35	58.35
Александр Петров	Россия	Обратный отсчёт	58.35	58.35	58.35	58.35	58.35	58.35
Александр Петров	Россия	Обратный отсчёт	58.35	58.35	58.35	58.35	58.35	58.35
Александр Петров	Россия	Обратный отсчёт	58.35	58.35	58.35	58.35	58.35	58.35
Александр Петров	Россия	Обратный отсчёт	58.35	58.35	58.35	58.35	58.35	58.35
Александр Петров	Россия	Обратный отсчёт	58.35	58.35	58.35	58.35	58.35	58.35
Александр Петров	Россия	Обратный отсчёт	58.35	58.35	58.35	58.35	58.35	58.35
Александр Петров	Россия	Обратный отсчёт	58.35	58.35	58.35	58.35	58.35	58.35
Александр Петров	Россия	Обратный отсчёт	58.35	58.35	58.35	58.35	58.35	58.35
Александр Петров	Россия	Обратный отсчёт	58.35	58.35	58.35	58.35	58.35	58.35
Александр Петров	Россия	Обратный отсчёт	58.35	58.35	58.35	58.35	58.35	58.35
Александр Петров	Россия	Обратный отсчёт	58.35	58.35	58.35	58.35	58.35	58.35
Александр Петров	Россия	Обратный отсчёт	58.35	58.35	58.35	58.35	58.35	58.35
Александр Петров	Россия	Обратный отсчёт	58.35	58.35	58.35	58.35	58.35	58.35
Александр Петров	Россия	Обратный отсчёт	58.35	58.35	58.35	58.35	58.35	58.35
Александр Петров	Россия	Обратный отсчёт	58.35	58.35	58.35	58.35	58.35	58.35
Александр Петров	Россия	Обратный отсчёт	58.35	58.35	58.35	58.35	58.35	58.35
Александр Петров	Россия	Обратный отсчёт	58.35	58.35	58.35	58.35	58.35	58.35
Александр Петров	Россия	Обратный отсчёт	58.35	58.35	58.35	58.35	58.35	58.35
Александр Петров	Россия	Обратный отсчёт	58.35	58.35	58.35	58.35	58.35	58.35
Александр Петров	Россия	Обратный отсчёт	58.35	58.35	58.35	58.35	58.35	58.35
Александр Петров	Россия	Обратный отсчёт	58.35	58.35	58.35	58.35	58.35	58.35
Александр Петров	Россия	Обратный отсчёт	58.35	58.35	58.35	58.35	58.35	58.35
Александр Петров	Россия	Обратный отсчёт	58.35	58.35	58.35	58.35	58.35	58.35
Александр Петров	Россия	Обратный отсчёт	58.35	58.35	58.35	58.35	58.35	58.35
Александр Петров	Россия	Обратный отсчёт	58.35	58.35	58.35	58.35	58.35	58.35
Александр Петров	Россия	Обратный отсчёт	58.35	58.35	58.35	58.35	58.35	58.35
Александр Петров	Россия	Обратный отсчёт	58.35	58.35	58.35	58.35	58.35	58.35
Александр Петров	Россия	Обратный отсчёт	58.35	58.35	58.35	58.35	58.35	58.35
Александр Петров	Россия	Обратный отсчёт	58.35	58.35	58.35	58.35	58.35	58.35
Александр Петров	Россия	Обратный отсчёт	58.35	58.35	58.35	58.35	58.35	58.35
Александр Петров	Россия	Обратный отсчёт	58.35	58.35	58.35	58.35	58.35	58.35
Александр Петров	Россия	Обратный отсчёт	58.35	58.35	58.35	58.35	58.35	58.35
Александр Петров	Россия	Обратный отсчёт	58.35	58.35	58.35	58.35	58.35	58.35
Александр Петров	Россия	Обратный отсчёт	58.35	58.35	58.35	58.35	58.35	58.35
Александр Петров	Россия	Обратный отсчёт	58.35	58.35	58.35	58.35	58.35	58.35
Александр Петров	Россия	Обратный отсчёт	58.35	58.35	58.35	58.35	58.35	58.35
Александр Петров	Россия	Обратный отсчёт	58.35	58.35	58.35	58.35	58.35	58.35
Александр Петров	Россия	Обратный отсчёт	58.35	58.35	58.35	58.35	58.35	58.35
Александр Петров	Россия	Обратный отсчёт	58.35	58.35	58.35	58.35	58.35	58.35
Александр Петров	Россия	Обратный отсчёт	58.35	58.35	58.35	58.35	58.35	58.35
Александр Петров	Россия	Обратный отсчёт	58.35	58.35	58.35	58.35	58.35	58.35
Александр Петров	Россия	Обратный отсчёт	58.35	58.35	58.35	58.35	58.35	58.35
Александр Петров	Россия	Обратный отсчёт	58.35	58.35	58.35	58.35	58.35	58.35
Александр Петров	Россия	Обратный отсчёт	58.35	58.35	58.35	58.35	58.35	58.35
Александр Петров	Россия	Обратный отсчёт	58.35	58.35	58.35	58.35	58.35	58.35
Александр Петров	Россия	Обратный отсчёт	58.35	58.35	58.35	58.35	58.35	58.35
Александр Петров	Россия	Обратный отсчёт	58.35	58.35	58.35	58.35	58.35	58.35
Александр Петров	Россия	Обратный отсчёт	58.35	58.35	58.35	58.35	58.35	58.35
Александр Петров	Россия	Обратный отсчёт	58.35	58.35	58.35	58.35	58.35	58.35
Александр Петров	Россия	Обратный отсчёт	58.35	58.35	58.35	58.35	58.35	58.35
Александр Петров	Россия	Обратный отсчёт	58.35	58.35	58.35	58.35	58.35	58.35
Александр Петров	Россия	Обратный отсчёт	58.35	58.35	58.35	58.35	58.35	58.35
Александр Петров	Россия	Обратный отсчёт	58.35	58.35	58.35	58.35	58.35	58.35
Александр Петров	Россия	Обратный отсчёт	58.35	58.35	58.35	58.35	58.35	58.35
Александр Петров	Россия	Обратный отсчёт	58.35	58.35	58.35	58.35	58.35	58.35
Александр Петров	Россия	Обратный отсчёт	58.35	58.35	58.35	58.35	58.35	58.35
